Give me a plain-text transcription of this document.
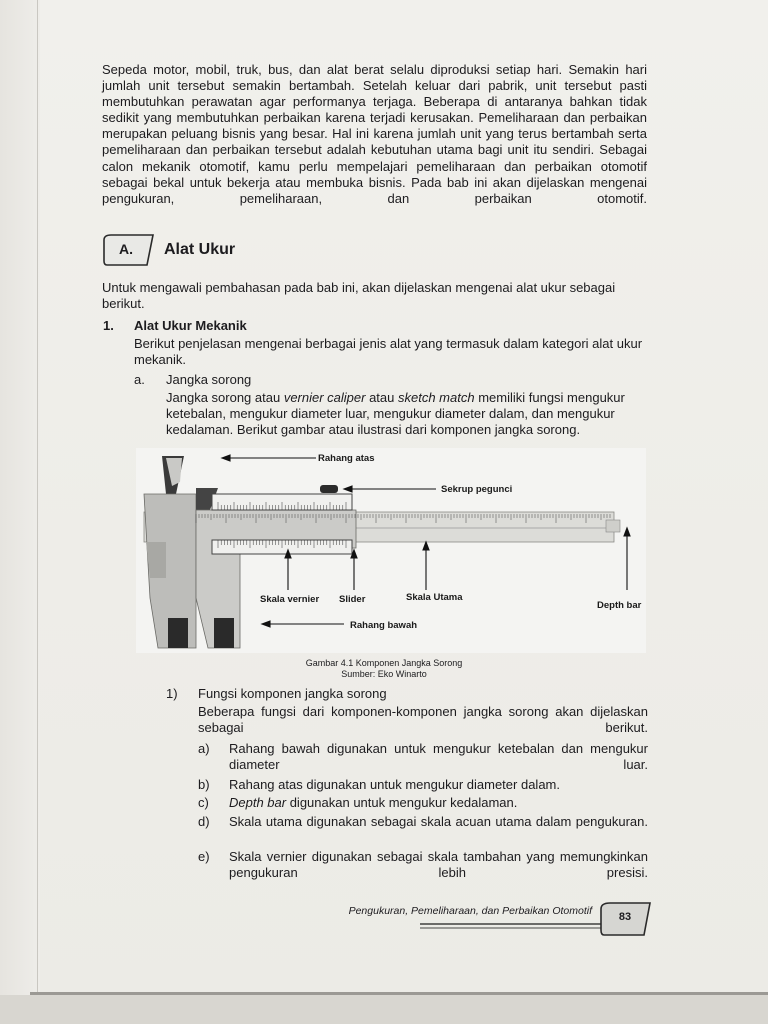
Sepeda motor, mobil, truk, bus, dan alat berat selalu diproduksi setiap hari. Semakin hari jumlah unit tersebut semakin bertambah. Setelah keluar dari pabrik, unit tersebut pasti membutuhkan perawatan agar performanya terjaga. Beberapa di antaranya bahkan tidak sedikit yang membutuhkan perbaikan karena terjadi kerusakan. Pemeliharaan dan perbaikan merupakan peluang bisnis yang besar. Hal ini karena jumlah unit yang terus bertambah serta pemeliharaan dan perbaikan tersebut adalah kebutuhan utama bagi unit itu sendiri. Sebagai calon mekanik otomotif, kamu perlu mempelajari pemeliharaan dan perbaikan otomotif sebagai bekal untuk bekerja atau membuka bisnis. Pada bab ini akan dijelaskan mengenai pengukuran, pemeliharaan, dan perbaikan otomotif.

A. Alat Ukur

Untuk mengawali pembahasan pada bab ini, akan dijelaskan mengenai alat ukur sebagai berikut.

1. Alat Ukur Mekanik

Berikut penjelasan mengenai berbagai jenis alat yang termasuk dalam kategori alat ukur mekanik.

a. Jangka sorong

Jangka sorong atau vernier caliper atau sketch match memiliki fungsi mengukur ketebalan, mengukur diameter luar, mengukur diameter dalam, dan mengukur kedalaman. Berikut gambar atau ilustrasi dari komponen jangka sorong.

Rahang atas
Sekrup pegunci
Skala vernier Slider	Skala Utama
Depth bar
Rahang bawah
Gambar 4.1 Komponen Jangka Sorong
Sumber: Eko Winarto
1) Fungsi komponen jangka sorong

Beberapa fungsi dari komponen-komponen jangka sorong akan dijelaskan sebagai berikut.

a) Rahang bawah digunakan untuk mengukur ketebalan dan mengukur diameter luar.

b) Rahang atas digunakan untuk mengukur diameter dalam.

c) Depth bar digunakan untuk mengukur kedalaman.

d) Skala utama digunakan sebagai skala acuan utama dalam pengukuran.

e) Skala vernier digunakan sebagai skala tambahan yang memungkinkan pengukuran lebih presisi.

Pengukuran, Pemeliharaan, dan Perbaikan Otomotif	83
